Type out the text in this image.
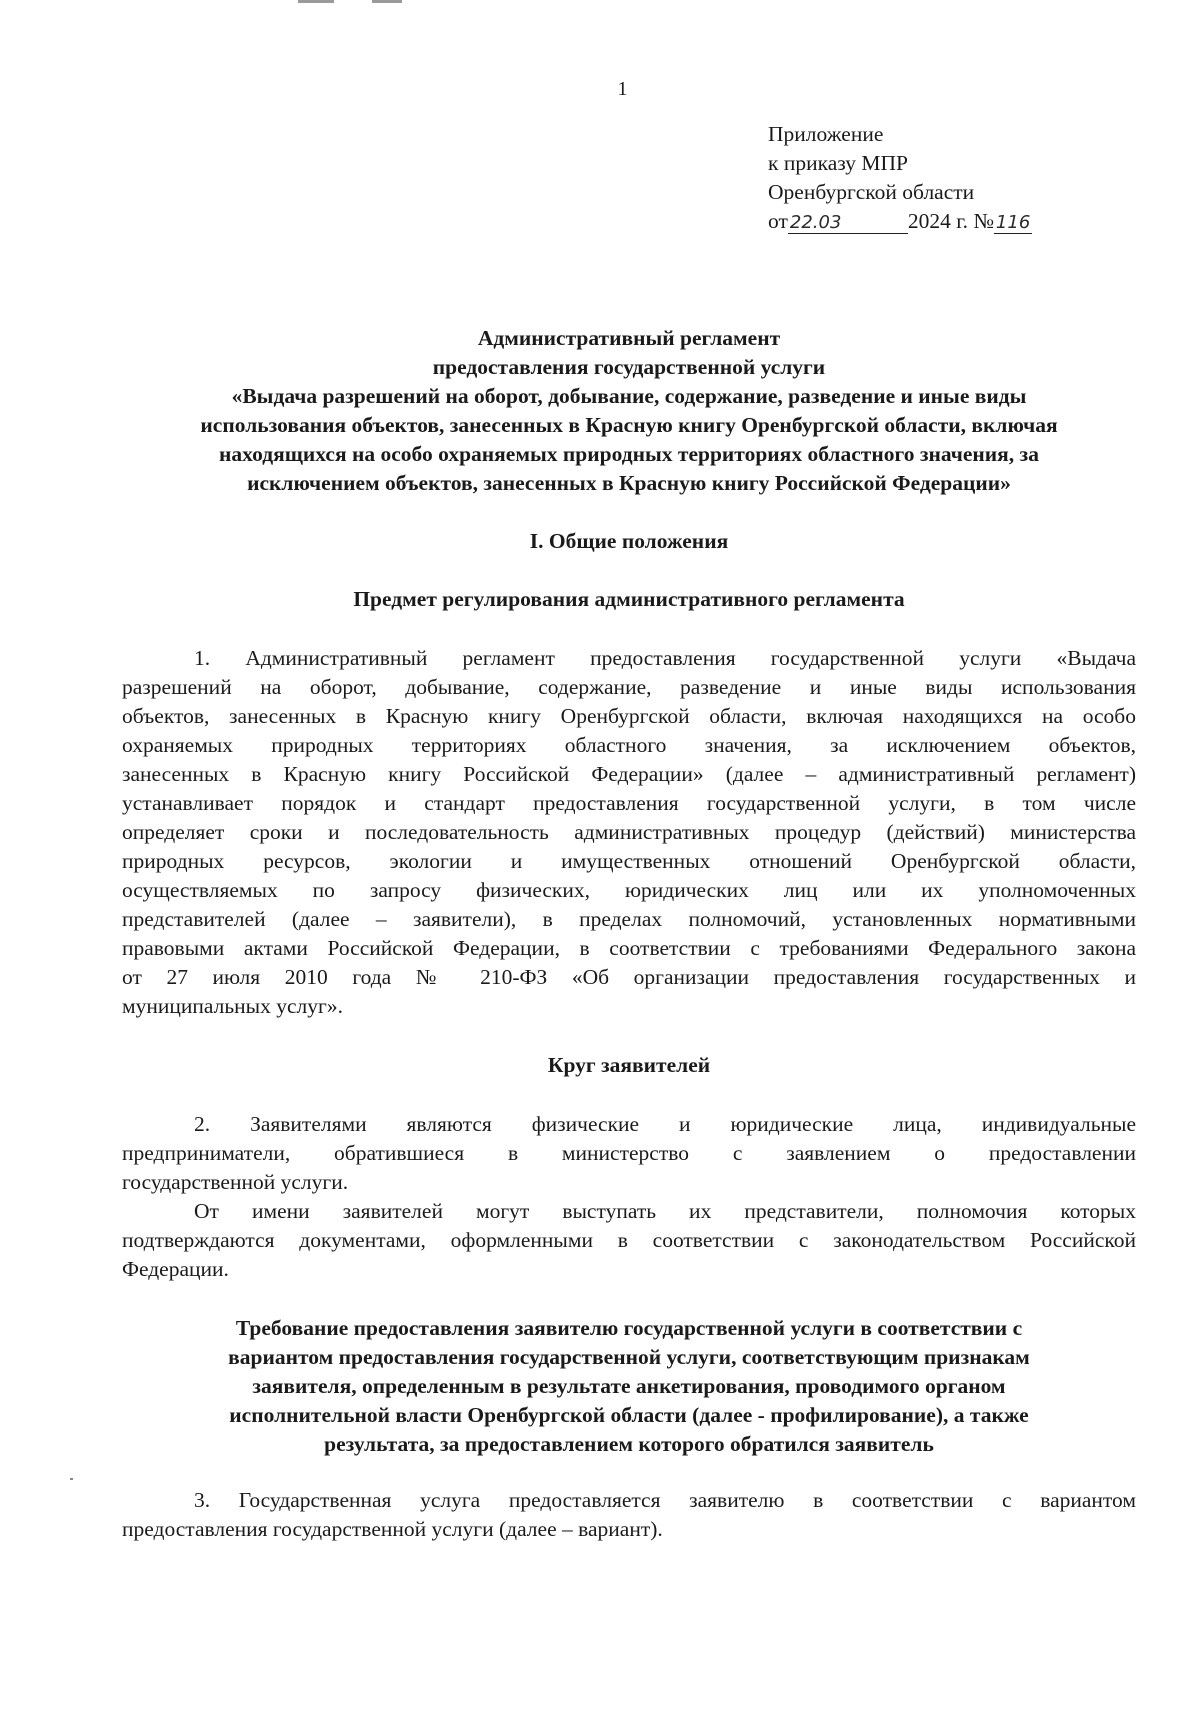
1
Приложение
к приказу МПР
Оренбургской области
от 22.03	2024 г. № 116
Административный регламент
предоставления государственной услуги
«Выдача разрешений на оборот, добывание, содержание, разведение и иные виды
использования объектов, занесенных в Красную книгу Оренбургской области, включая
находящихся на особо охраняемых природных территориях областного значения, за
исключением объектов, занесенных в Красную книгу Российской Федерации»
I. Общие положения
Предмет регулирования административного регламента
1. Административный регламент предоставления государственной услуги «Выдача
разрешений на оборот, добывание, содержание, разведение и иные виды использования
объектов, занесенных в Красную книгу Оренбургской области, включая находящихся на особо
охраняемых природных территориях областного значения, за исключением объектов,
занесенных в Красную книгу Российской Федерации» (далее – административный регламент)
устанавливает порядок и стандарт предоставления государственной услуги, в том числе
определяет сроки и последовательность административных процедур (действий) министерства
природных ресурсов, экологии и имущественных отношений Оренбургской области,
осуществляемых по запросу физических, юридических лиц или их уполномоченных
представителей (далее – заявители), в пределах полномочий, установленных нормативными
правовыми актами Российской Федерации, в соответствии с требованиями Федерального закона
от 27 июля 2010 года № 210-ФЗ «Об организации предоставления государственных и
муниципальных услуг».
Круг заявителей
2. Заявителями являются физические и юридические лица, индивидуальные
предприниматели, обратившиеся в министерство с заявлением о предоставлении
государственной услуги.
От имени заявителей могут выступать их представители, полномочия которых
подтверждаются документами, оформленными в соответствии с законодательством Российской
Федерации.
Требование предоставления заявителю государственной услуги в соответствии с
вариантом предоставления государственной услуги, соответствующим признакам
заявителя, определенным в результате анкетирования, проводимого органом
исполнительной власти Оренбургской области (далее - профилирование), а также
результата, за предоставлением которого обратился заявитель
3. Государственная услуга предоставляется заявителю в соответствии с вариантом
предоставления государственной услуги (далее – вариант).
